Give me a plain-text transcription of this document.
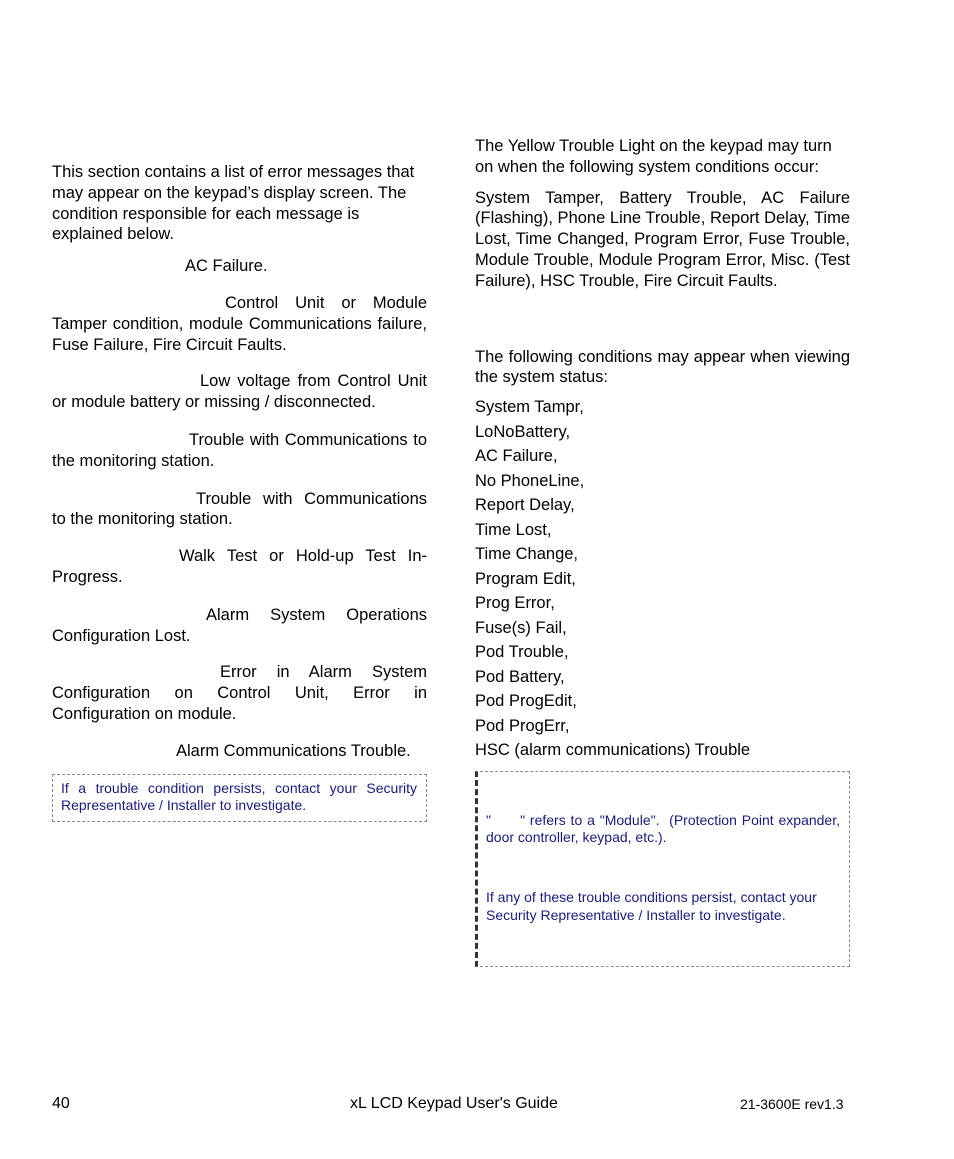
This section contains a list of error messages that may appear on the keypad’s display screen. The condition responsible for each message is explained below.

AC Failure.

Control Unit or Module Tamper condition, module Communications failure, Fuse Failure, Fire Circuit Faults.

Low voltage from Control Unit or module battery or missing / disconnected.

Trouble with Communications to the monitoring station.

Trouble with Communications to the monitoring station.

Walk Test or Hold-up Test In-Progress.

Alarm System Operations Configuration Lost.

Error in Alarm System Configuration on Control Unit, Error in Configuration on module.

Alarm Communications Trouble.

If a trouble condition persists, contact your Security Representative / Installer to investigate.

The Yellow Trouble Light on the keypad may turn on when the following system conditions occur:

System Tamper, Battery Trouble, AC Failure (Flashing), Phone Line Trouble, Report Delay, Time Lost, Time Changed, Program Error, Fuse Trouble, Module Trouble, Module Program Error, Misc. (Test Failure), HSC Trouble, Fire Circuit Faults.

The following conditions may appear when viewing the system status:

System Tampr,
LoNoBattery,
AC Failure,
No PhoneLine,
Report Delay,
Time Lost,
Time Change,
Program Edit,
Prog Error,
Fuse(s) Fail,
Pod Trouble,
Pod Battery,
Pod ProgEdit,
Pod ProgErr,
HSC (alarm communications) Trouble

"      " refers to a "Module".  (Protection Point expander, door controller, keypad, etc.).

If any of these trouble conditions persist, contact your Security Representative / Installer to investigate.

40	xL LCD Keypad User's Guide	21-3600E rev1.3
